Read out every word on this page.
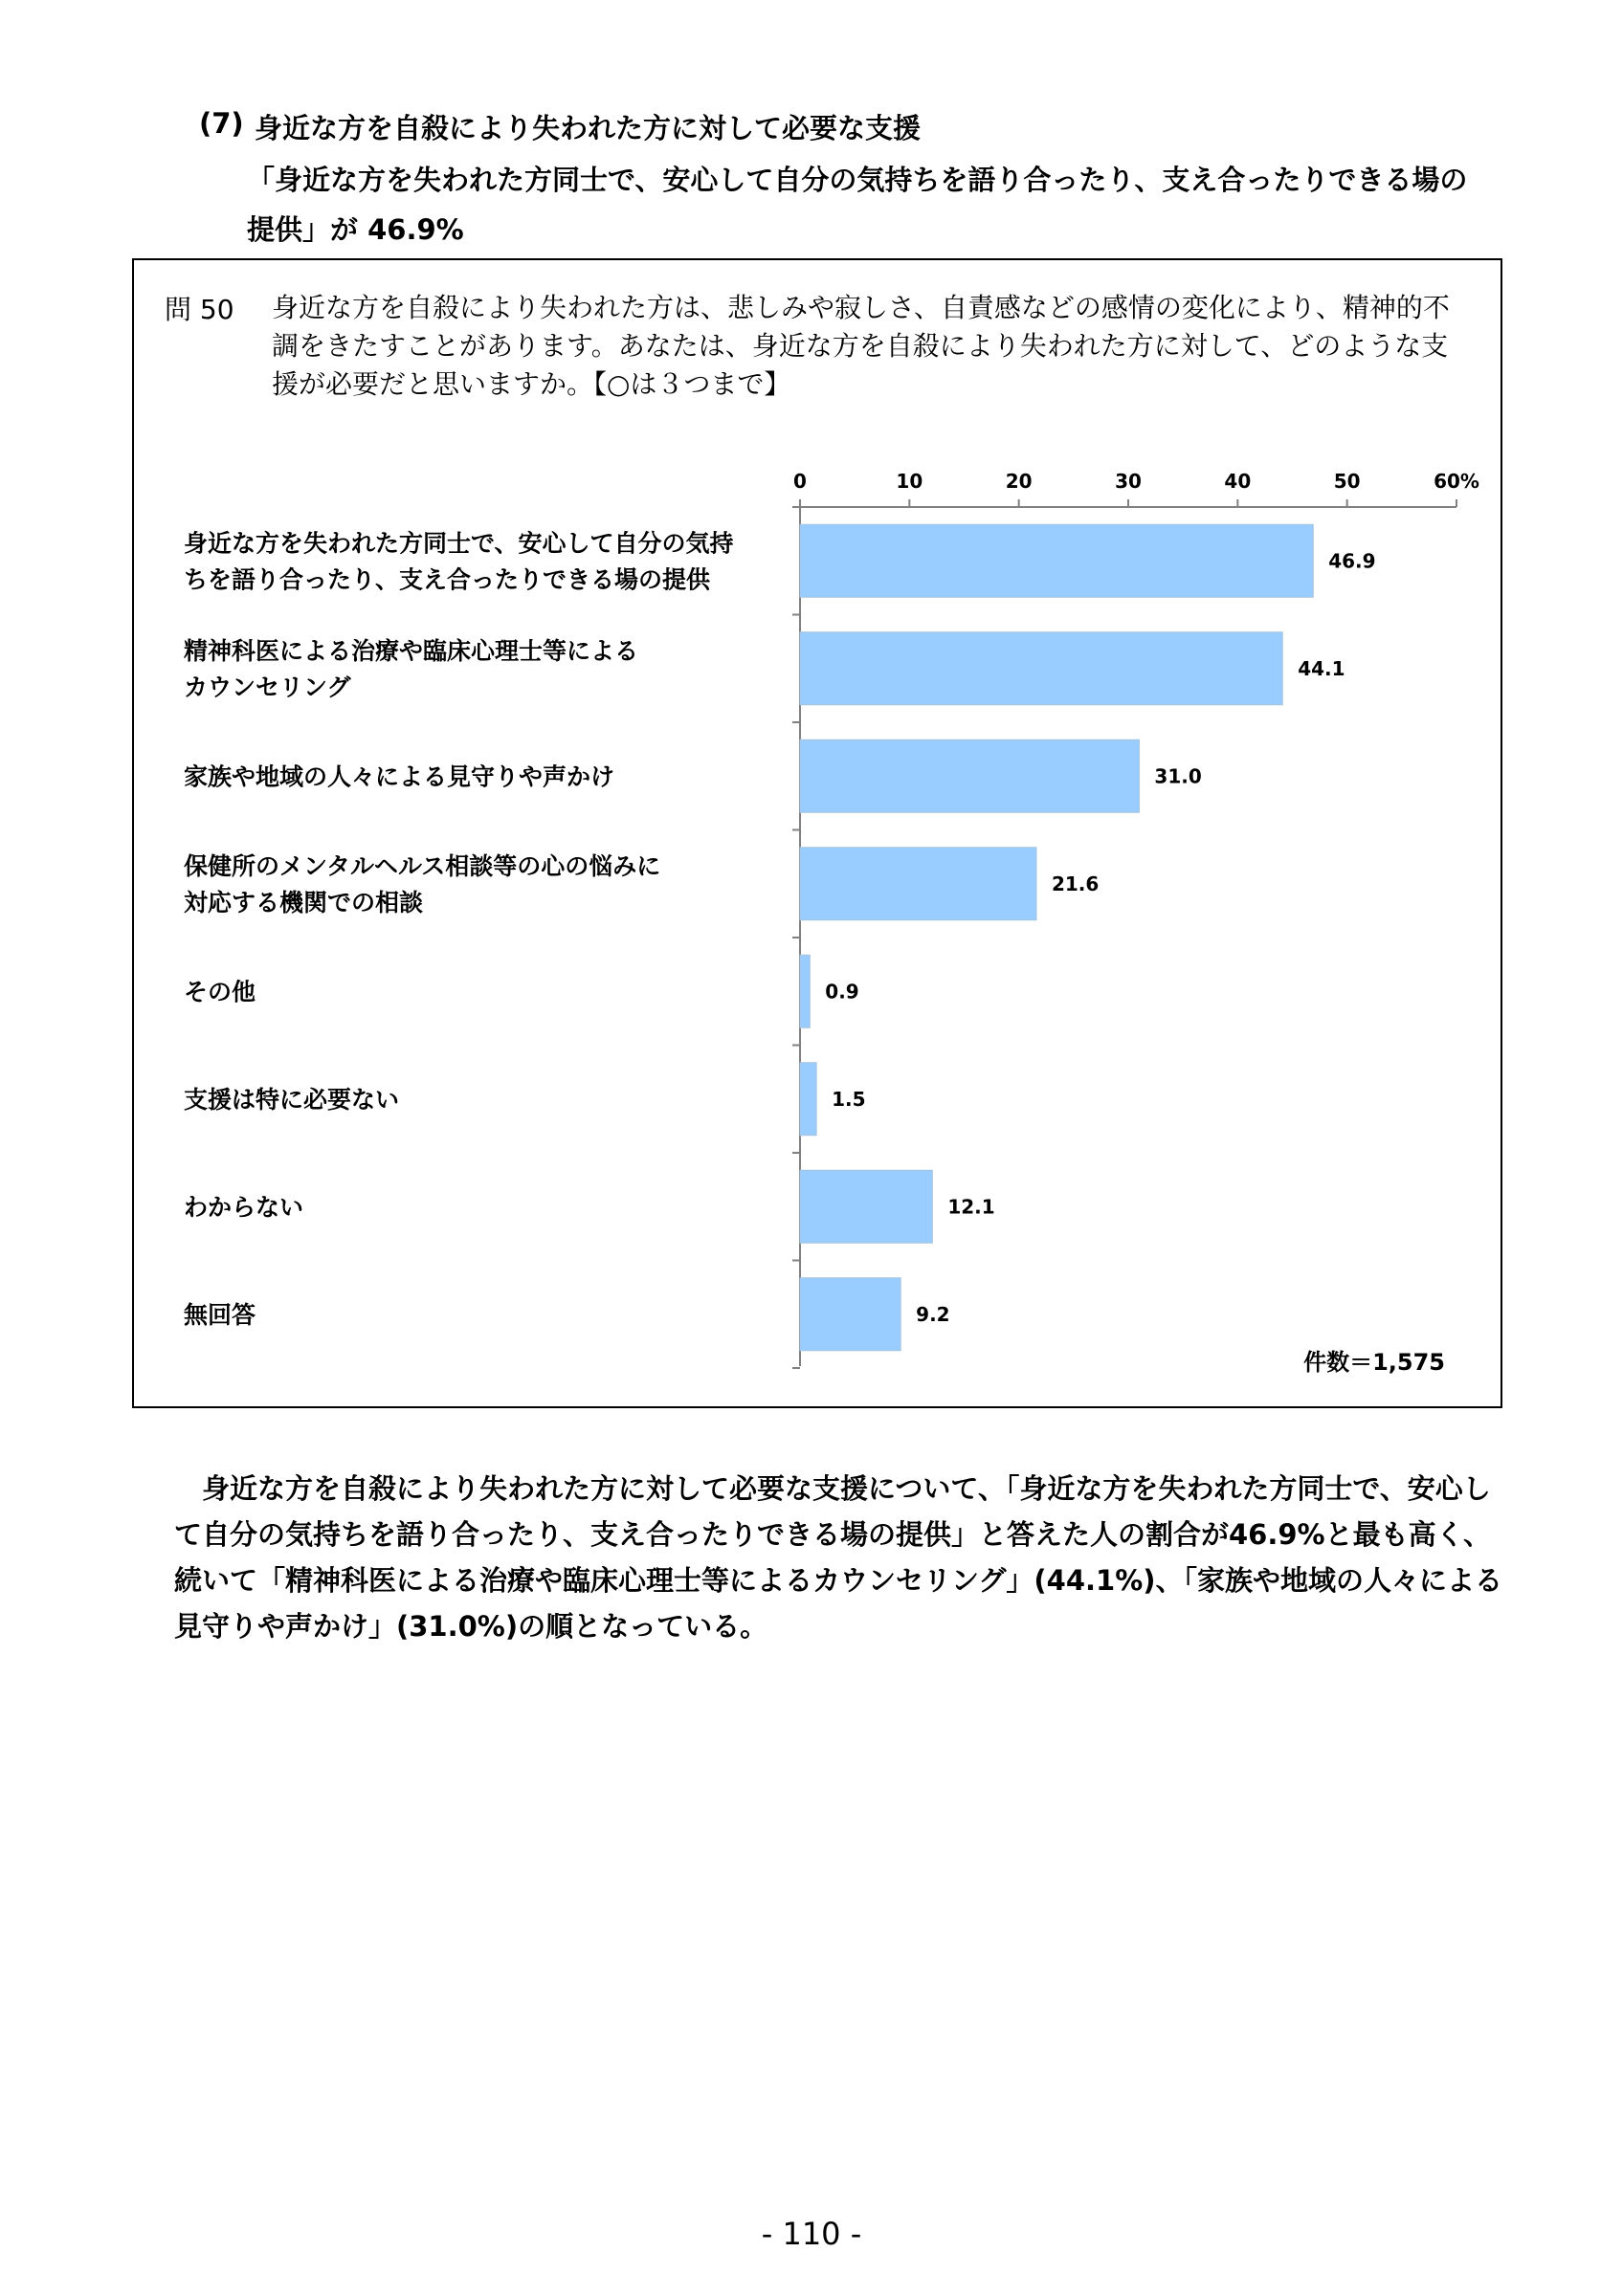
(7) 身近な方を自殺により失われた方に対して必要な支援
「身近な方を失われた方同士で、安心して自分の気持ちを語り合ったり、支え合ったりできる場の提供」が 46.9%
問 50 身近な方を自殺により失われた方は、悲しみや寂しさ、自責感などの感情の変化により、精神的不調をきたすことがあります。あなたは、身近な方を自殺により失われた方に対して、どのような支援が必要だと思いますか。【○は３つまで】
0	10	20	30	40	50	60%
46.9
44.1
31.0
21.6
0.9
1.5
12.1
9.2
身近な方を失われた方同士で、安心して自分の気持ちを語り合ったり、支え合ったりできる場の提供
精神科医による治療や臨床心理士等によるカウンセリング
家族や地域の人々による見守りや声かけ
保健所のメンタルヘルス相談等の心の悩みに対応する機関での相談
その他
支援は特に必要ない
わからない
無回答
件数＝1,575
身近な方を自殺により失われた方に対して必要な支援について、「身近な方を失われた方同士で、安心して自分の気持ちを語り合ったり、支え合ったりできる場の提供」と答えた人の割合が46.9%と最も高く、続いて「精神科医による治療や臨床心理士等によるカウンセリング」(44.1%)、「家族や地域の人々による見守りや声かけ」(31.0%)の順となっている。
- 110 -
